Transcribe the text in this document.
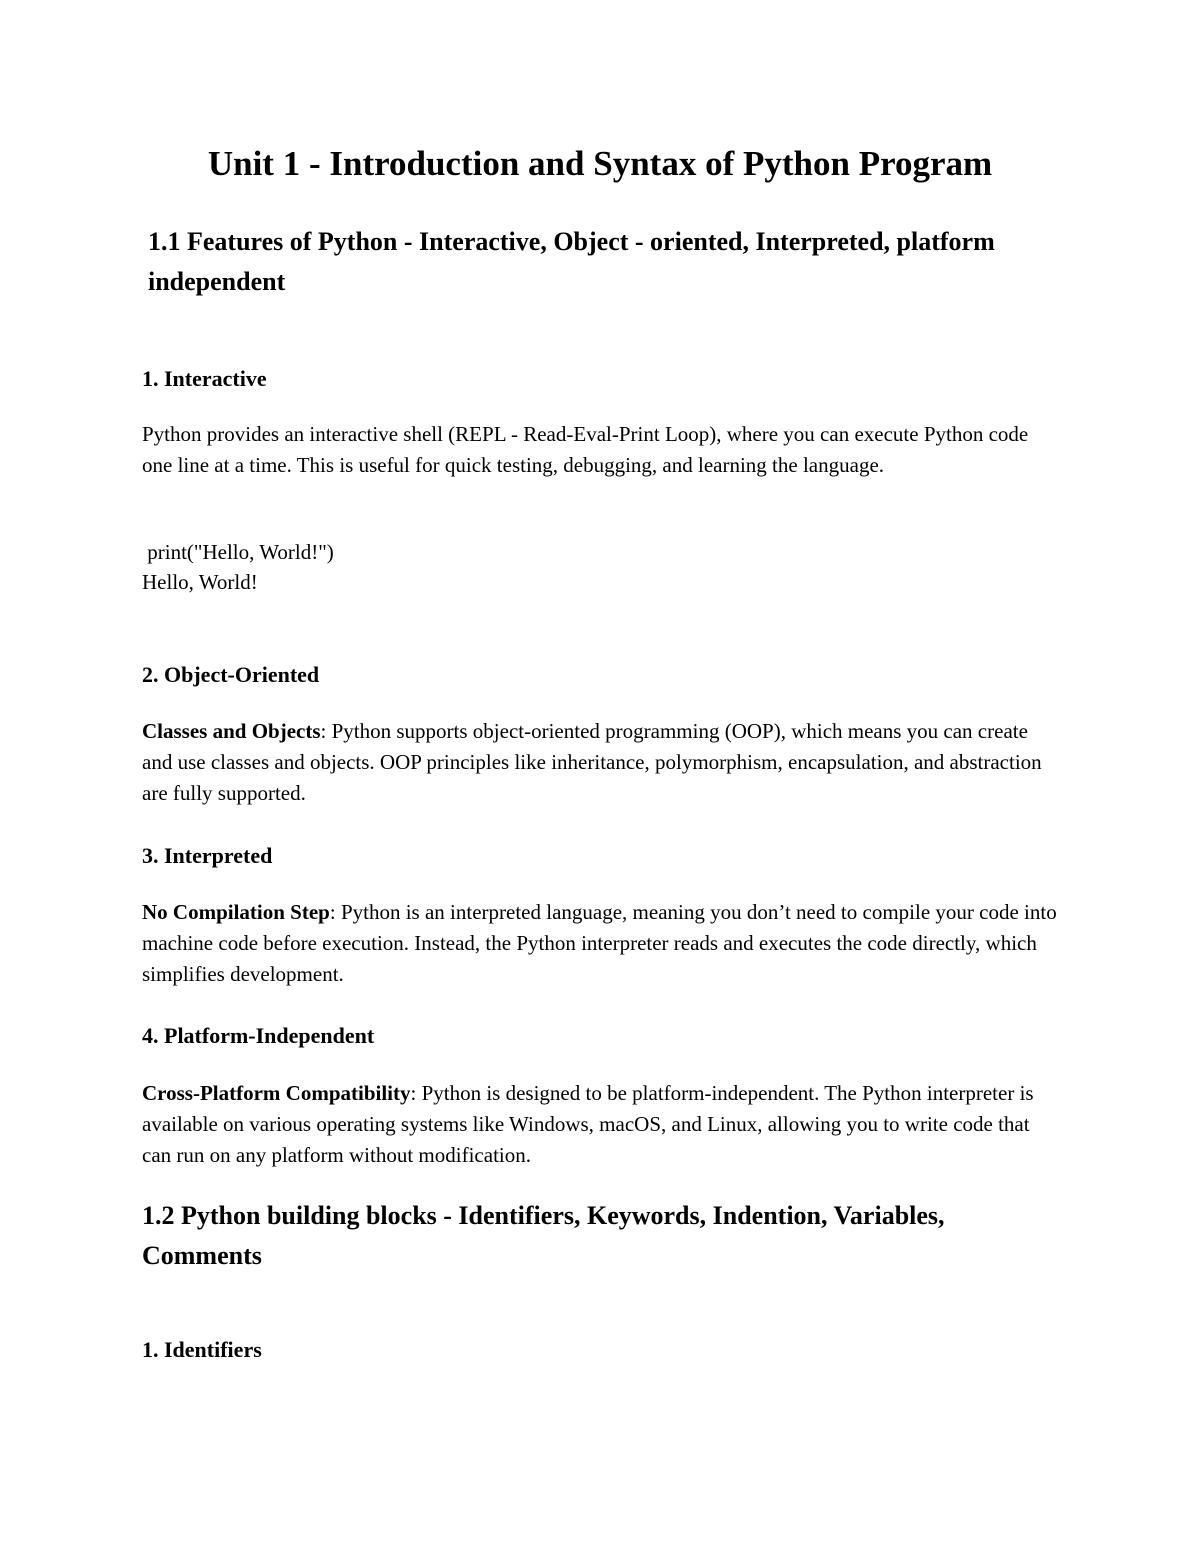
Unit 1 - Introduction and Syntax of Python Program
1.1 Features of Python - Interactive, Object - oriented, Interpreted, platform independent
1. Interactive

Python provides an interactive shell (REPL - Read-Eval-Print Loop), where you can execute Python code one line at a time. This is useful for quick testing, debugging, and learning the language.

print("Hello, World!")
Hello, World!
2. Object-Oriented

Classes and Objects: Python supports object-oriented programming (OOP), which means you can create and use classes and objects. OOP principles like inheritance, polymorphism, encapsulation, and abstraction are fully supported.

3. Interpreted

No Compilation Step: Python is an interpreted language, meaning you don’t need to compile your code into machine code before execution. Instead, the Python interpreter reads and executes the code directly, which simplifies development.

4. Platform-Independent

Cross-Platform Compatibility: Python is designed to be platform-independent. The Python interpreter is available on various operating systems like Windows, macOS, and Linux, allowing you to write code that can run on any platform without modification.

1.2 Python building blocks - Identifiers, Keywords, Indention, Variables, Comments
1. Identifiers
